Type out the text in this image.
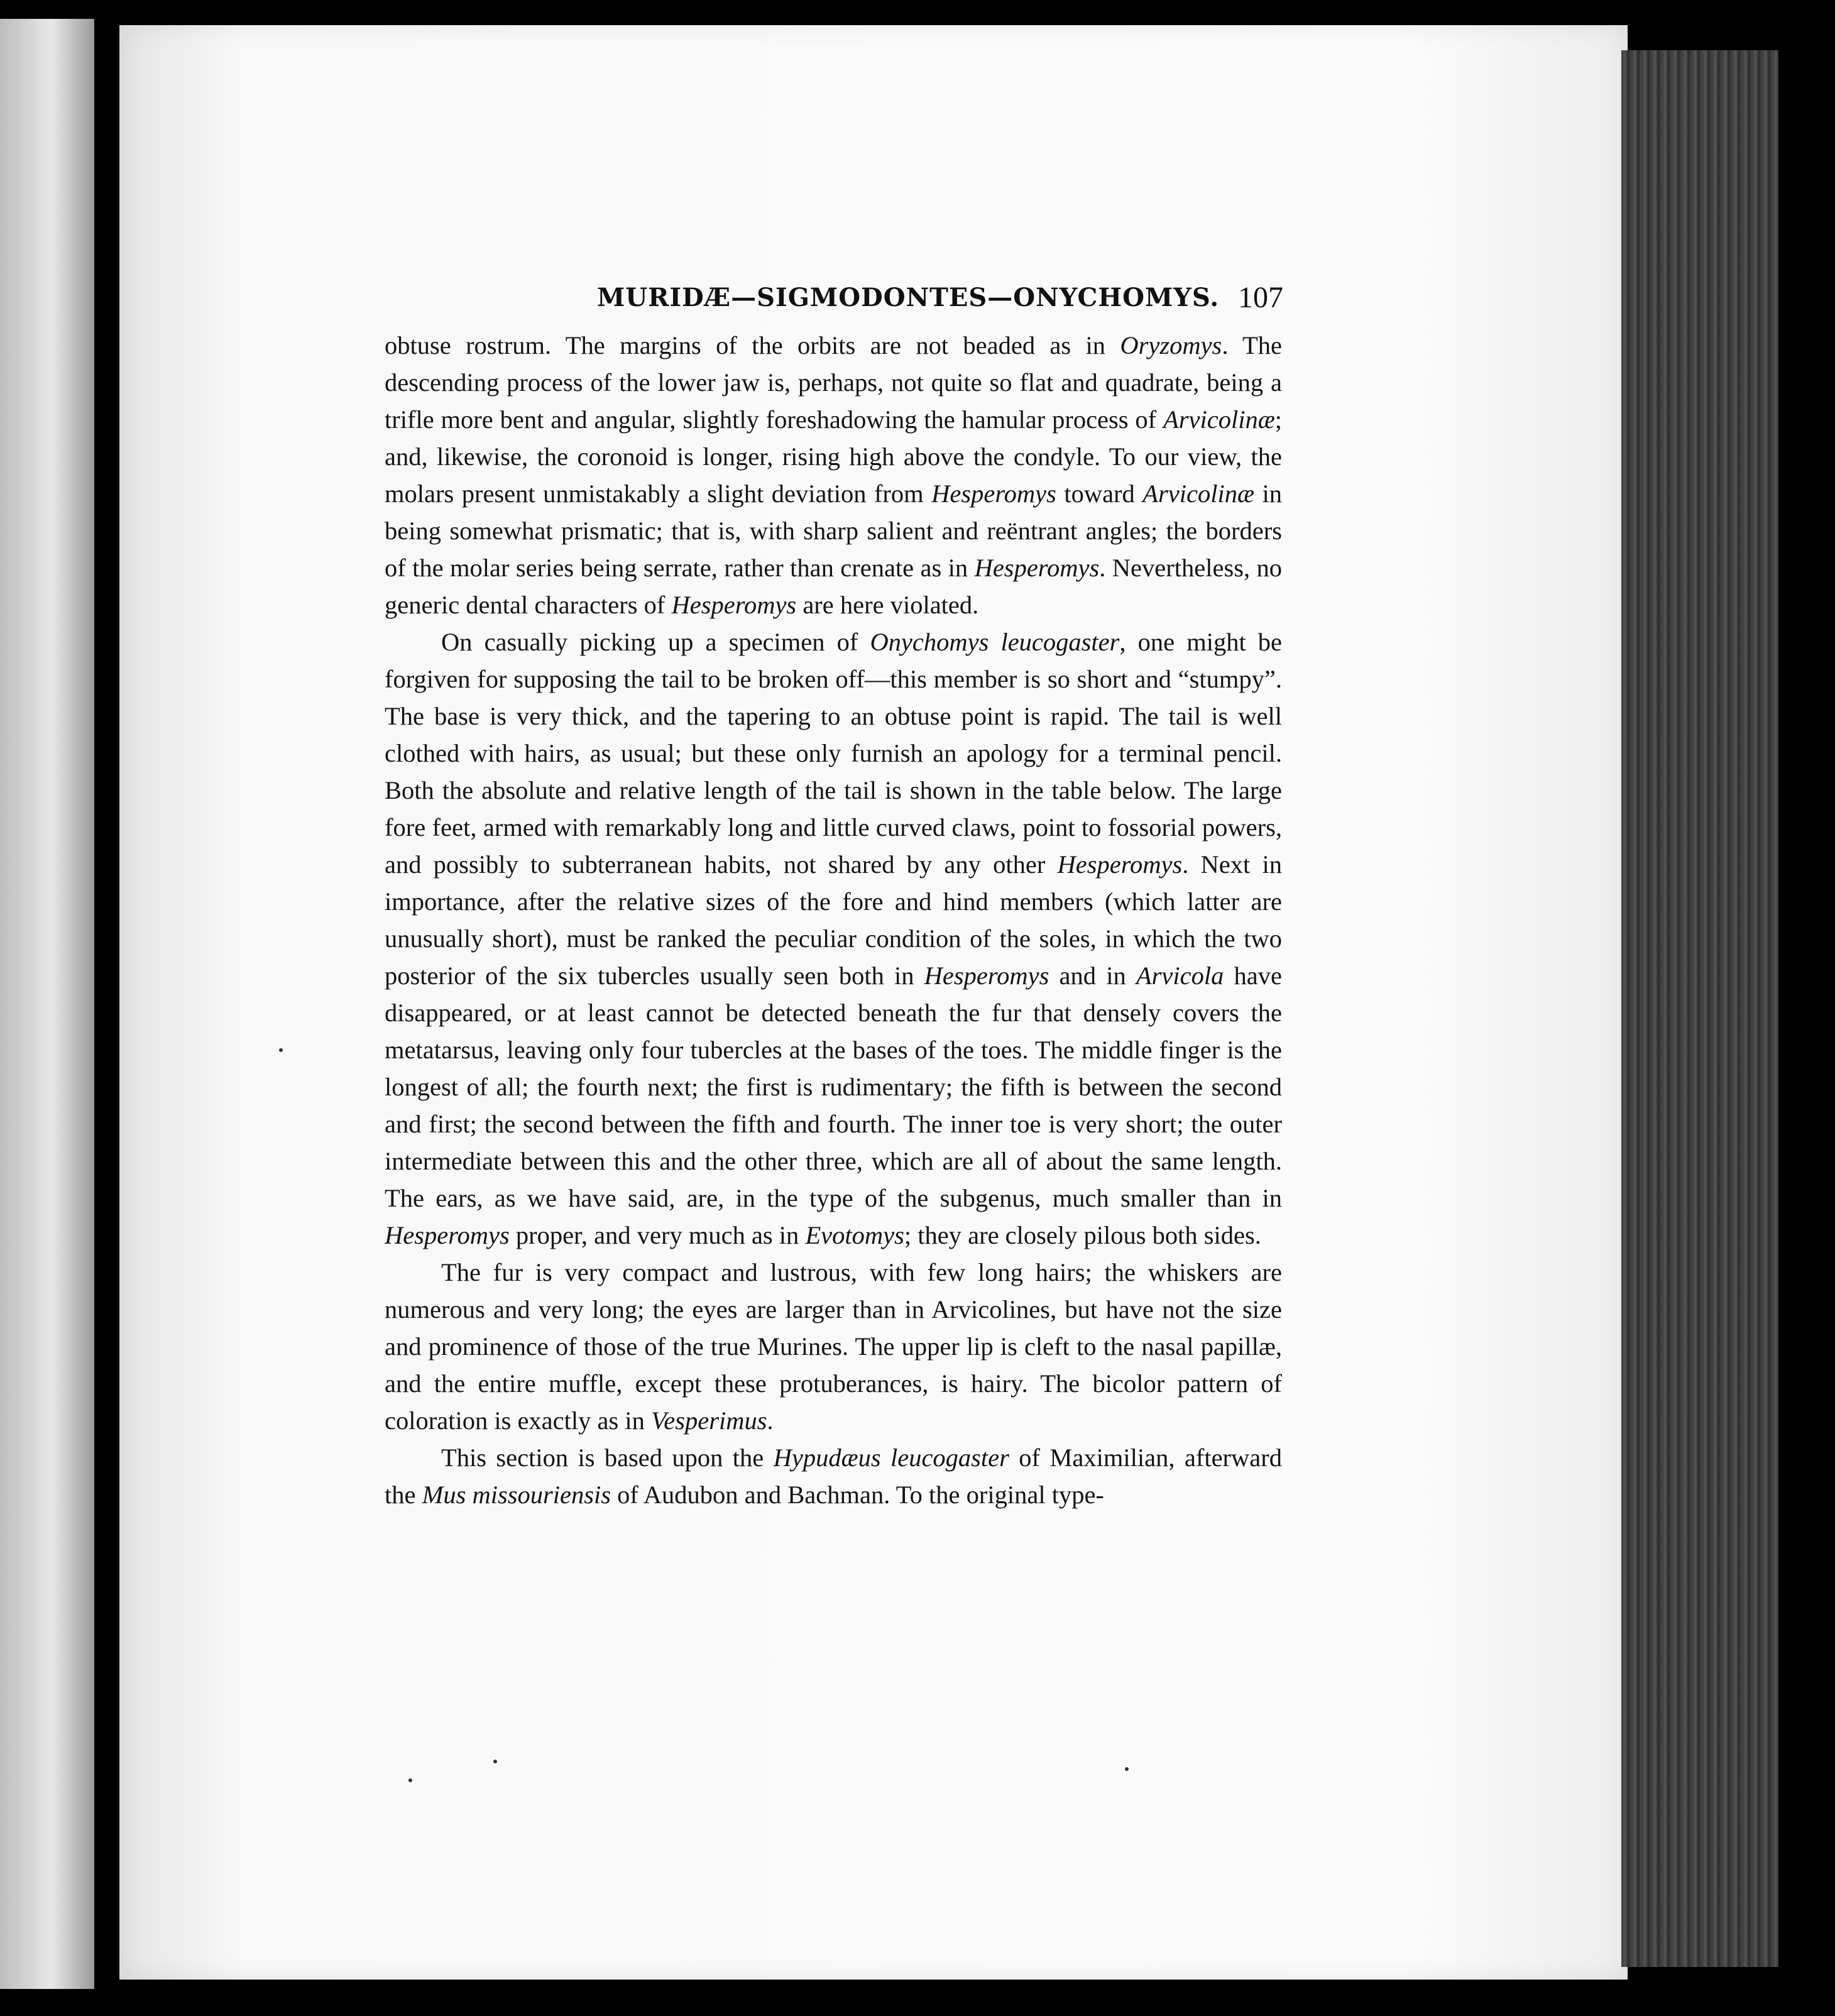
MURIDÆ—SIGMODONTES—ONYCHOMYS. 107

obtuse rostrum. The margins of the orbits are not beaded as in Oryzomys. The descending process of the lower jaw is, perhaps, not quite so flat and quadrate, being a trifle more bent and angular, slightly foreshadowing the hamular process of Arvicolinæ; and, likewise, the coronoid is longer, rising high above the condyle. To our view, the molars present unmistakably a slight deviation from Hesperomys toward Arvicolinæ in being somewhat prismatic; that is, with sharp salient and reëntrant angles; the borders of the molar series being serrate, rather than crenate as in Hesperomys. Nevertheless, no generic dental characters of Hesperomys are here violated.

On casually picking up a specimen of Onychomys leucogaster, one might be forgiven for supposing the tail to be broken off—this member is so short and “stumpy”. The base is very thick, and the tapering to an obtuse point is rapid. The tail is well clothed with hairs, as usual; but these only furnish an apology for a terminal pencil. Both the absolute and relative length of the tail is shown in the table below. The large fore feet, armed with remarkably long and little curved claws, point to fossorial powers, and possibly to subterranean habits, not shared by any other Hesperomys. Next in importance, after the relative sizes of the fore and hind members (which latter are unusually short), must be ranked the peculiar condition of the soles, in which the two posterior of the six tubercles usually seen both in Hesperomys and in Arvicola have disappeared, or at least cannot be detected beneath the fur that densely covers the metatarsus, leaving only four tubercles at the bases of the toes. The middle finger is the longest of all; the fourth next; the first is rudimentary; the fifth is between the second and first; the second between the fifth and fourth. The inner toe is very short; the outer intermediate between this and the other three, which are all of about the same length. The ears, as we have said, are, in the type of the subgenus, much smaller than in Hesperomys proper, and very much as in Evotomys; they are closely pilous both sides.

The fur is very compact and lustrous, with few long hairs; the whiskers are numerous and very long; the eyes are larger than in Arvicolines, but have not the size and prominence of those of the true Murines. The upper lip is cleft to the nasal papillæ, and the entire muffle, except these protuberances, is hairy. The bicolor pattern of coloration is exactly as in Vesperimus.

This section is based upon the Hypudæus leucogaster of Maximilian, afterward the Mus missouriensis of Audubon and Bachman. To the original type-
